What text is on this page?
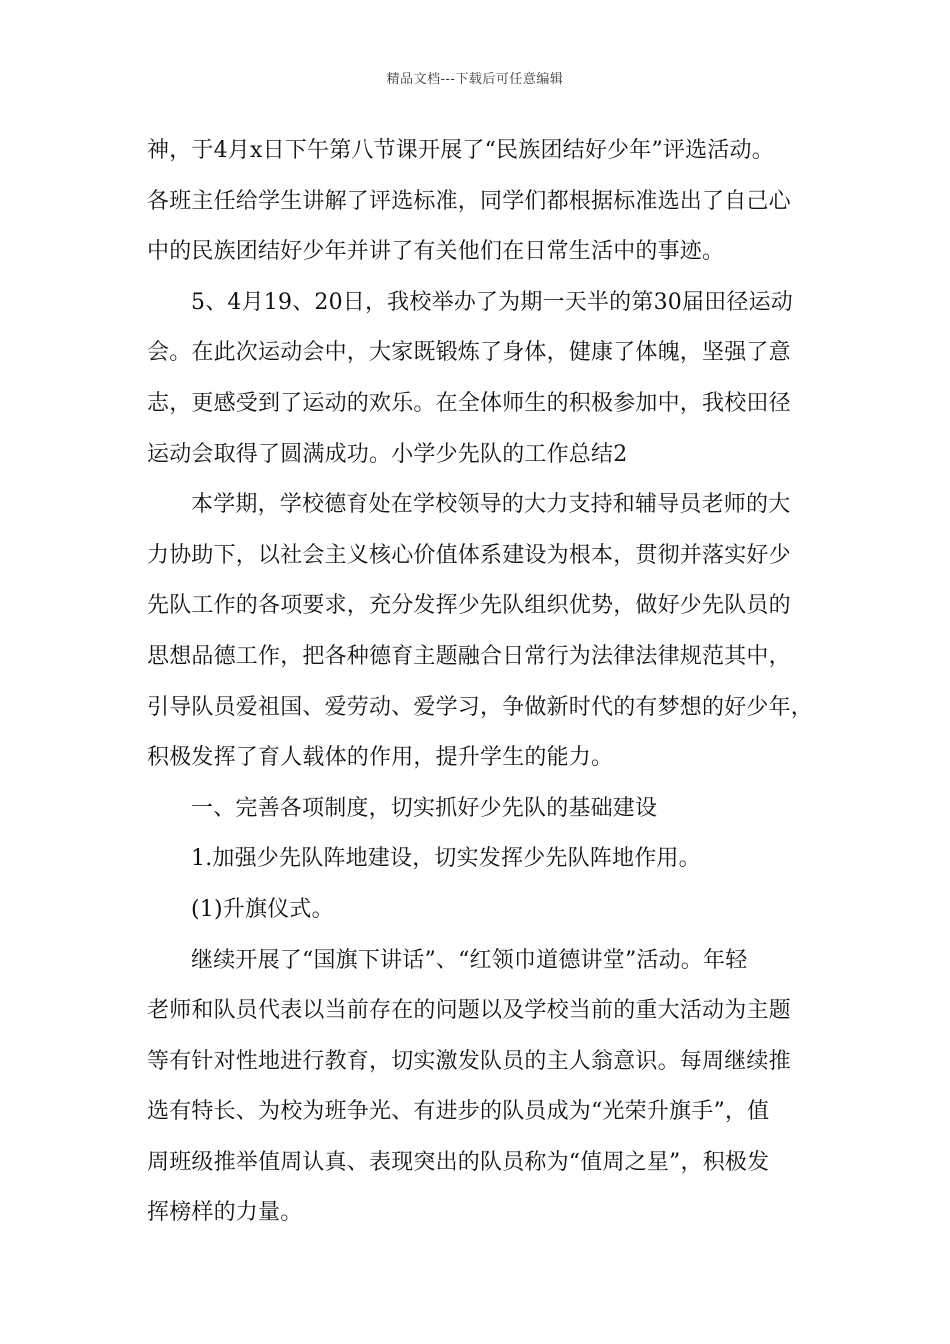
精品文档---下载后可任意编辑
神，于4月x日下午第八节课开展了“民族团结好少年”评选活动。
各班主任给学生讲解了评选标准，同学们都根据标准选出了自己心
中的民族团结好少年并讲了有关他们在日常生活中的事迹。
5、4月19、20日，我校举办了为期一天半的第30届田径运动
会。在此次运动会中，大家既锻炼了身体，健康了体魄，坚强了意
志，更感受到了运动的欢乐。在全体师生的积极参加中，我校田径
运动会取得了圆满成功。小学少先队的工作总结2
本学期，学校德育处在学校领导的大力支持和辅导员老师的大
力协助下，以社会主义核心价值体系建设为根本，贯彻并落实好少
先队工作的各项要求，充分发挥少先队组织优势，做好少先队员的
思想品德工作，把各种德育主题融合日常行为法律法律规范其中，
引导队员爱祖国、爱劳动、爱学习，争做新时代的有梦想的好少年，
积极发挥了育人载体的作用，提升学生的能力。
一、完善各项制度，切实抓好少先队的基础建设
1.加强少先队阵地建设，切实发挥少先队阵地作用。
(1)升旗仪式。
继续开展了“国旗下讲话”、“红领巾道德讲堂”活动。年轻
老师和队员代表以当前存在的问题以及学校当前的重大活动为主题
等有针对性地进行教育，切实激发队员的主人翁意识。每周继续推
选有特长、为校为班争光、有进步的队员成为“光荣升旗手”，值
周班级推举值周认真、表现突出的队员称为“值周之星”，积极发
挥榜样的力量。
